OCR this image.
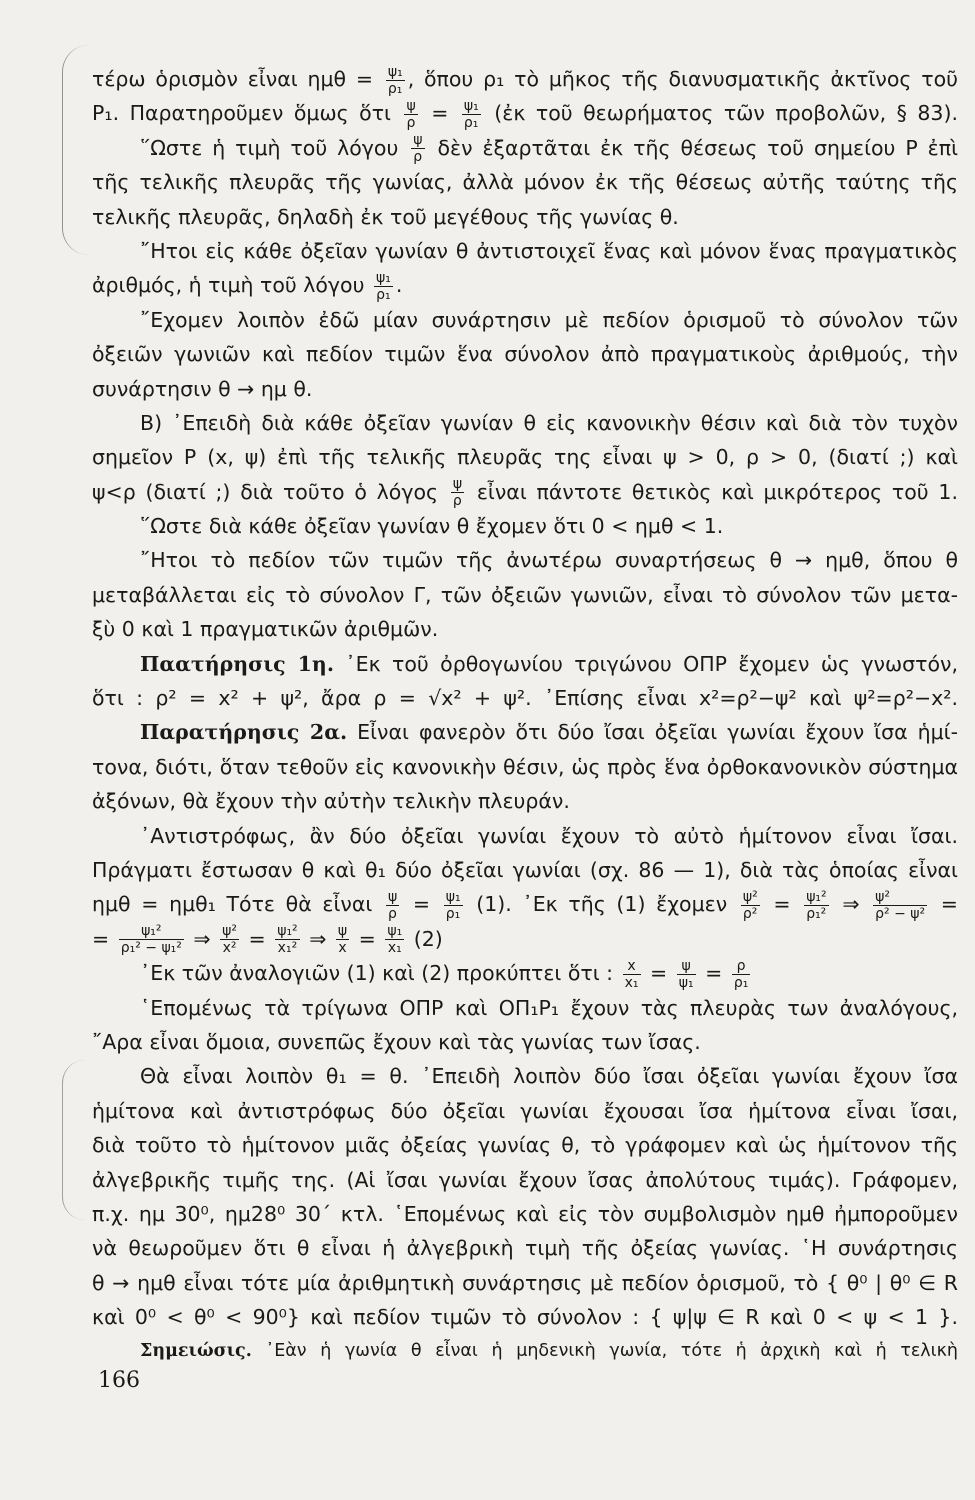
τέρω ὁρισμὸν εἶναι $\eta\mu\theta = \frac{\text{ψ₁}}{\text{ρ₁}}$ , ὅπου ρ₁ τὸ μῆκος τῆς διανυσματικῆς ἀκτῖνος τοῦ
P₁. Παρατηροῦμεν ὅμως ὅτι $\frac{\psi}{\rho} = \frac{\text{ψ₁}}{\text{ρ₁}}$ (ἐκ τοῦ θεωρήματος τῶν προβολῶν, § 83).
῞Ωστε ἡ τιμὴ τοῦ λόγου $\frac{\psi}{\rho}$ δὲν ἐξαρτᾶται ἐκ τῆς θέσεως τοῦ σημείου P ἐπὶ
τῆς τελικῆς πλευρᾶς τῆς γωνίας, ἀλλὰ μόνον ἐκ τῆς θέσεως αὐτῆς ταύτης τῆς
τελικῆς πλευρᾶς, δηλαδὴ ἐκ τοῦ μεγέθους τῆς γωνίας θ.
῎Ητοι εἰς κάθε ὀξεῖαν γωνίαν θ ἀντιστοιχεῖ ἕνας καὶ μόνον ἕνας πραγματικὸς
ἀριθμός, ἡ τιμὴ τοῦ λόγου $\frac{\text{ψ₁}}{\text{ρ₁}}$ .
῎Εχομεν λοιπὸν ἐδῶ μίαν συνάρτησιν μὲ πεδίον ὁρισμοῦ τὸ σύνολον τῶν
ὀξειῶν γωνιῶν καὶ πεδίον τιμῶν ἕνα σύνολον ἀπὸ πραγματικοὺς ἀριθμούς, τὴν
συνάρτησιν θ → ημ θ.
B) ᾿Επειδὴ διὰ κάθε ὀξεῖαν γωνίαν θ εἰς κανονικὴν θέσιν καὶ διὰ τὸν τυχὸν
σημεῖον P (x, ψ) ἐπὶ τῆς τελικῆς πλευρᾶς της εἶναι ψ > 0, ρ > 0, (διατί ;) καὶ
ψ<ρ (διατί ;) διὰ τοῦτο ὁ λόγος $\frac{\psi}{\rho}$ εἶναι πάντοτε θετικὸς καὶ μικρότερος τοῦ 1.
῞Ωστε διὰ κάθε ὀξεῖαν γωνίαν θ ἔχομεν ὅτι 0 < ημθ < 1.
῎Ητοι τὸ πεδίον τῶν τιμῶν τῆς ἀνωτέρω συναρτήσεως θ → ημθ, ὅπου θ
μεταβάλλεται εἰς τὸ σύνολον Γ, τῶν ὀξειῶν γωνιῶν, εἶναι τὸ σύνολον τῶν μετα-
ξὺ 0 καὶ 1 πραγματικῶν ἀριθμῶν.
Παατήρησις 1η. ᾿Εκ τοῦ ὀρθογωνίου τριγώνου ΟΠΡ ἔχομεν ὡς γνωστόν,
ὅτι : ρ² = x² + ψ², ἄρα ρ = √x² + ψ². ᾿Επίσης εἶναι x²=ρ²−ψ² καὶ ψ²=ρ²−x².
Παρατήρησις 2α. Εἶναι φανερὸν ὅτι δύο ἴσαι ὀξεῖαι γωνίαι ἔχουν ἴσα ἡμί-
τονα, διότι, ὅταν τεθοῦν εἰς κανονικὴν θέσιν, ὡς πρὸς ἕνα ὀρθοκανονικὸν σύστημα
ἀξόνων, θὰ ἔχουν τὴν αὐτὴν τελικὴν πλευράν.
᾿Αντιστρόφως, ἂν δύο ὀξεῖαι γωνίαι ἔχουν τὸ αὐτὸ ἡμίτονον εἶναι ἴσαι.
Πράγματι ἔστωσαν θ καὶ θ₁ δύο ὀξεῖαι γωνίαι (σχ. 86 — 1), διὰ τὰς ὁποίας εἶναι
ημθ = ημθ₁ Τότε θὰ εἶναι $\frac{\psi}{\rho} = \frac{\text{ψ₁}}{\text{ρ₁}} (1)$. ᾿Εκ τῆς (1) ἔχομεν $\frac{\text{ψ²}}{\text{ρ²}} = \frac{\text{ψ₁²}}{\text{ρ₁²}}$ ⇒ $\frac{\text{ψ²}}{\text{ρ² − ψ²}}$ =
= $\frac{\text{ψ₁²}}{\text{ρ₁² − ψ₁²}}$ ⇒ $\frac{\text{ψ²}}{\text{x²}} = \frac{\text{ψ₁²}}{\text{x₁²}}$ ⇒ $\frac{\psi}{x} = \frac{\text{ψ₁}}{\text{x₁}} (2)$
᾿Εκ τῶν ἀναλογιῶν (1) καὶ (2) προκύπτει ὅτι : $\frac{x}{\text{x₁}} = \frac{\psi}{\text{ψ₁}} = \frac{\rho}{\text{ρ₁}}$
῾Επομένως τὰ τρίγωνα ΟΠΡ καὶ ΟΠ₁Ρ₁ ἔχουν τὰς πλευρὰς των ἀναλόγους,
῎Αρα εἶναι ὅμοια, συνεπῶς ἔχουν καὶ τὰς γωνίας των ἴσας.
Θὰ εἶναι λοιπὸν θ₁ = θ. ᾿Επειδὴ λοιπὸν δύο ἴσαι ὀξεῖαι γωνίαι ἔχουν ἴσα
ἡμίτονα καὶ ἀντιστρόφως δύο ὀξεῖαι γωνίαι ἔχουσαι ἴσα ἡμίτονα εἶναι ἴσαι,
διὰ τοῦτο τὸ ἡμίτονον μιᾶς ὀξείας γωνίας θ, τὸ γράφομεν καὶ ὡς ἡμίτονον τῆς
ἀλγεβρικῆς τιμῆς της. (Αἱ ἴσαι γωνίαι ἔχουν ἴσας ἀπολύτους τιμάς). Γράφομεν,
π.χ. ημ 30⁰, ημ28⁰ 30΄ κτλ. ῾Επομένως καὶ εἰς τὸν συμβολισμὸν ημθ ἠμποροῦμεν
νὰ θεωροῦμεν ὅτι θ εἶναι ἡ ἀλγεβρικὴ τιμὴ τῆς ὀξείας γωνίας. ῾Η συνάρτησις
θ → ημθ εἶναι τότε μία ἀριθμητικὴ συνάρτησις μὲ πεδίον ὁρισμοῦ, τὸ { θ⁰ | θ⁰ ∈ R
καὶ 0⁰ < θ⁰ < 90⁰} καὶ πεδίον τιμῶν τὸ σύνολον : { ψ|ψ ∈ R καὶ 0 < ψ < 1 }.
Σημειώσις. ᾿Εὰν ἡ γωνία θ εἶναι ἡ μηδενικὴ γωνία, τότε ἡ ἀρχικὴ καὶ ἡ τελικὴ
166
